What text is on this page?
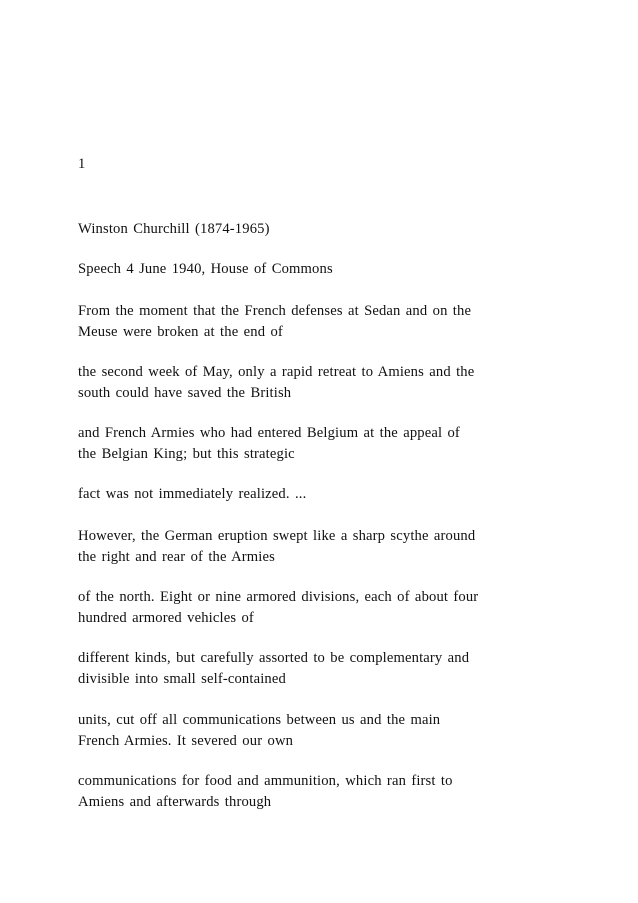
1
Winston Churchill (1874-1965)
Speech 4 June 1940, House of Commons
From the moment that the French defenses at Sedan and on the
Meuse were broken at the end of
the second week of May, only a rapid retreat to Amiens and the
south could have saved the British
and French Armies who had entered Belgium at the appeal of
the Belgian King; but this strategic
fact was not immediately realized. ...
However, the German eruption swept like a sharp scythe around
the right and rear of the Armies
of the north. Eight or nine armored divisions, each of about four
hundred armored vehicles of
different kinds, but carefully assorted to be complementary and
divisible into small self-contained
units, cut off all communications between us and the main
French Armies. It severed our own
communications for food and ammunition, which ran first to
Amiens and afterwards through
